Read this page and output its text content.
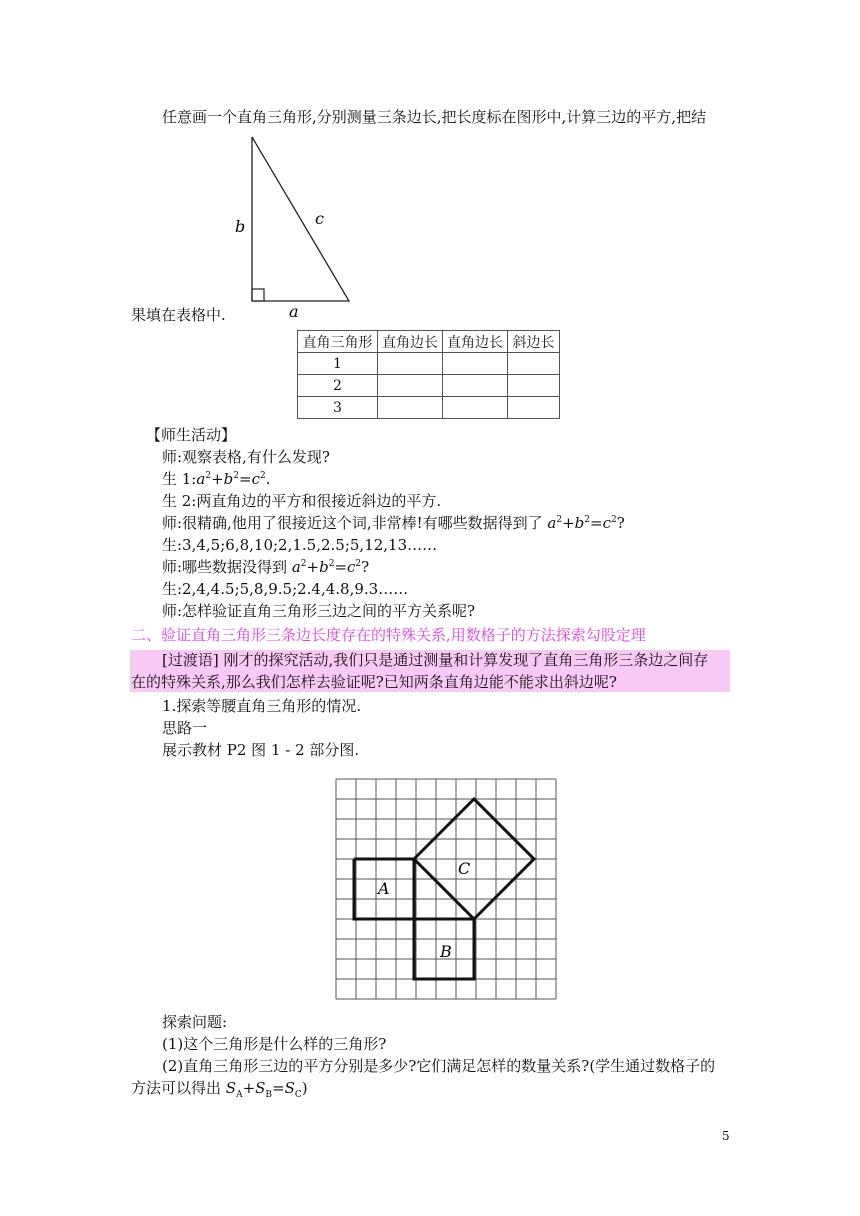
任意画一个直角三角形,分别测量三条边长,把长度标在图形中,计算三边的平方,把结
b	c
a
果填在表格中.
直角三角形	直角边长	直角边长	斜边长
1			
2			
3			
【师生活动】
师:观察表格,有什么发现?
生 $1:a^2+b^2=c^2$.
生 2:两直角边的平方和很接近斜边的平方.
师:很精确,他用了很接近这个词,非常棒!有哪些数据得到了 $a^2+b^2=c^2$?
生:3,4,5;6,8,10;2,1.5,2.5;5,12,13……
师:哪些数据没得到 $a^2+b^2=c^2$?
生:2,4,4.5;5,8,9.5;2.4,4.8,9.3……
师:怎样验证直角三角形三边之间的平方关系呢?
二、验证直角三角形三条边长度存在的特殊关系,用数格子的方法探索勾股定理
[过渡语] 刚才的探究活动,我们只是通过测量和计算发现了直角三角形三条边之间存
在的特殊关系,那么我们怎样去验证呢?已知两条直角边能不能求出斜边呢?
1.探索等腰直角三角形的情况.
思路一
展示教材 P2 图 1 - 2 部分图.
A
B
C
探索问题:
(1)这个三角形是什么样的三角形?
(2)直角三角形三边的平方分别是多少?它们满足怎样的数量关系?(学生通过数格子的
方法可以得出 $S_A+S_B=S_C$)
5
